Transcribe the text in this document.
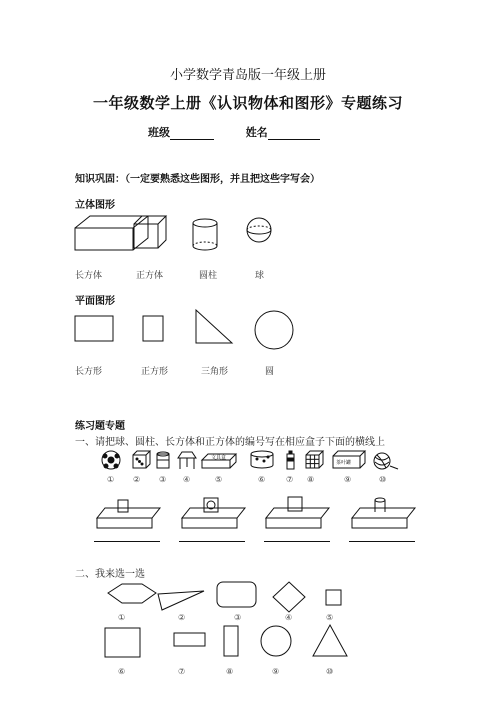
小学数学青岛版一年级上册
一年级数学上册《认识物体和图形》专题练习
班级	姓名
知识巩固：（一定要熟悉这些图形，并且把这些字写会）
立体图形
文具盒
茶叶罐
长方体	正方体	圆柱	球
平面图形
长方形	正方形	三角形	圆
练习题专题
一、请把球、圆柱、长方体和正方体的编号写在相应盒子下面的横线上
① ② ③ ④	⑤	⑥	⑦ ⑧	⑨	⑩
二、我来选一选
①	②	③	④	⑤
⑥	⑦	⑧	⑨	⑩
